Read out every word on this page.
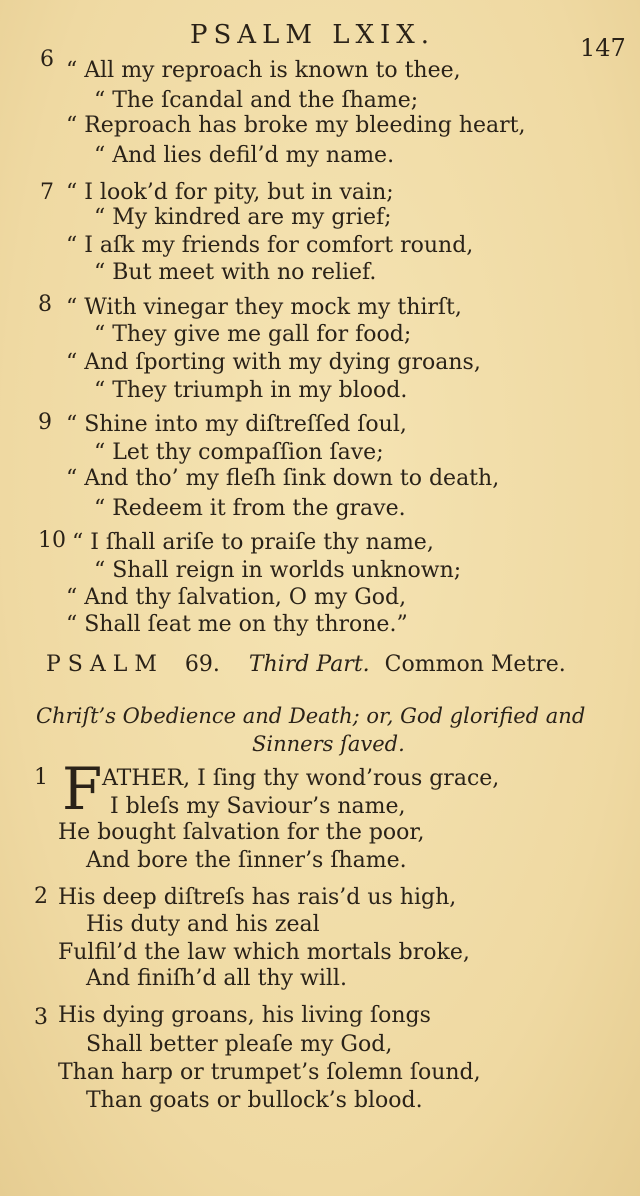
PSALM LXIX.	147
6 “ All my reproach is known to thee,
“ The ſcandal and the ſhame;
“ Reproach has broke my bleeding heart,
“ And lies defil’d my name.
7 “ I look’d for pity, but in vain;
“ My kindred are my grief;
“ I aſk my friends for comfort round,
“ But meet with no relief.
8 “ With vinegar they mock my thirſt,
“ They give me gall for food;
“ And ſporting with my dying groans,
“ They triumph in my blood.
9 “ Shine into my diſtreſſed ſoul,
“ Let thy compaſſion ſave;
“ And tho’ my fleſh ſink down to death,
“ Redeem it from the grave.
10 “ I ſhall ariſe to praiſe thy name,
“ Shall reign in worlds unknown;
“ And thy ſalvation, O my God,
“ Shall ſeat me on thy throne.”
PSALM 69. Third Part. Common Metre.
Chriſt’s Obedience and Death; or, God glorified and
Sinners ſaved.
1 F ATHER, I ſing thy wond’rous grace,
I bleſs my Saviour’s name,
He bought ſalvation for the poor,
And bore the ſinner’s ſhame.
2 His deep diſtreſs has rais’d us high,
His duty and his zeal
Fulfil’d the law which mortals broke,
And finiſh’d all thy will.
3 His dying groans, his living ſongs
Shall better pleaſe my God,
Than harp or trumpet’s ſolemn ſound,
Than goats or bullock’s blood.
